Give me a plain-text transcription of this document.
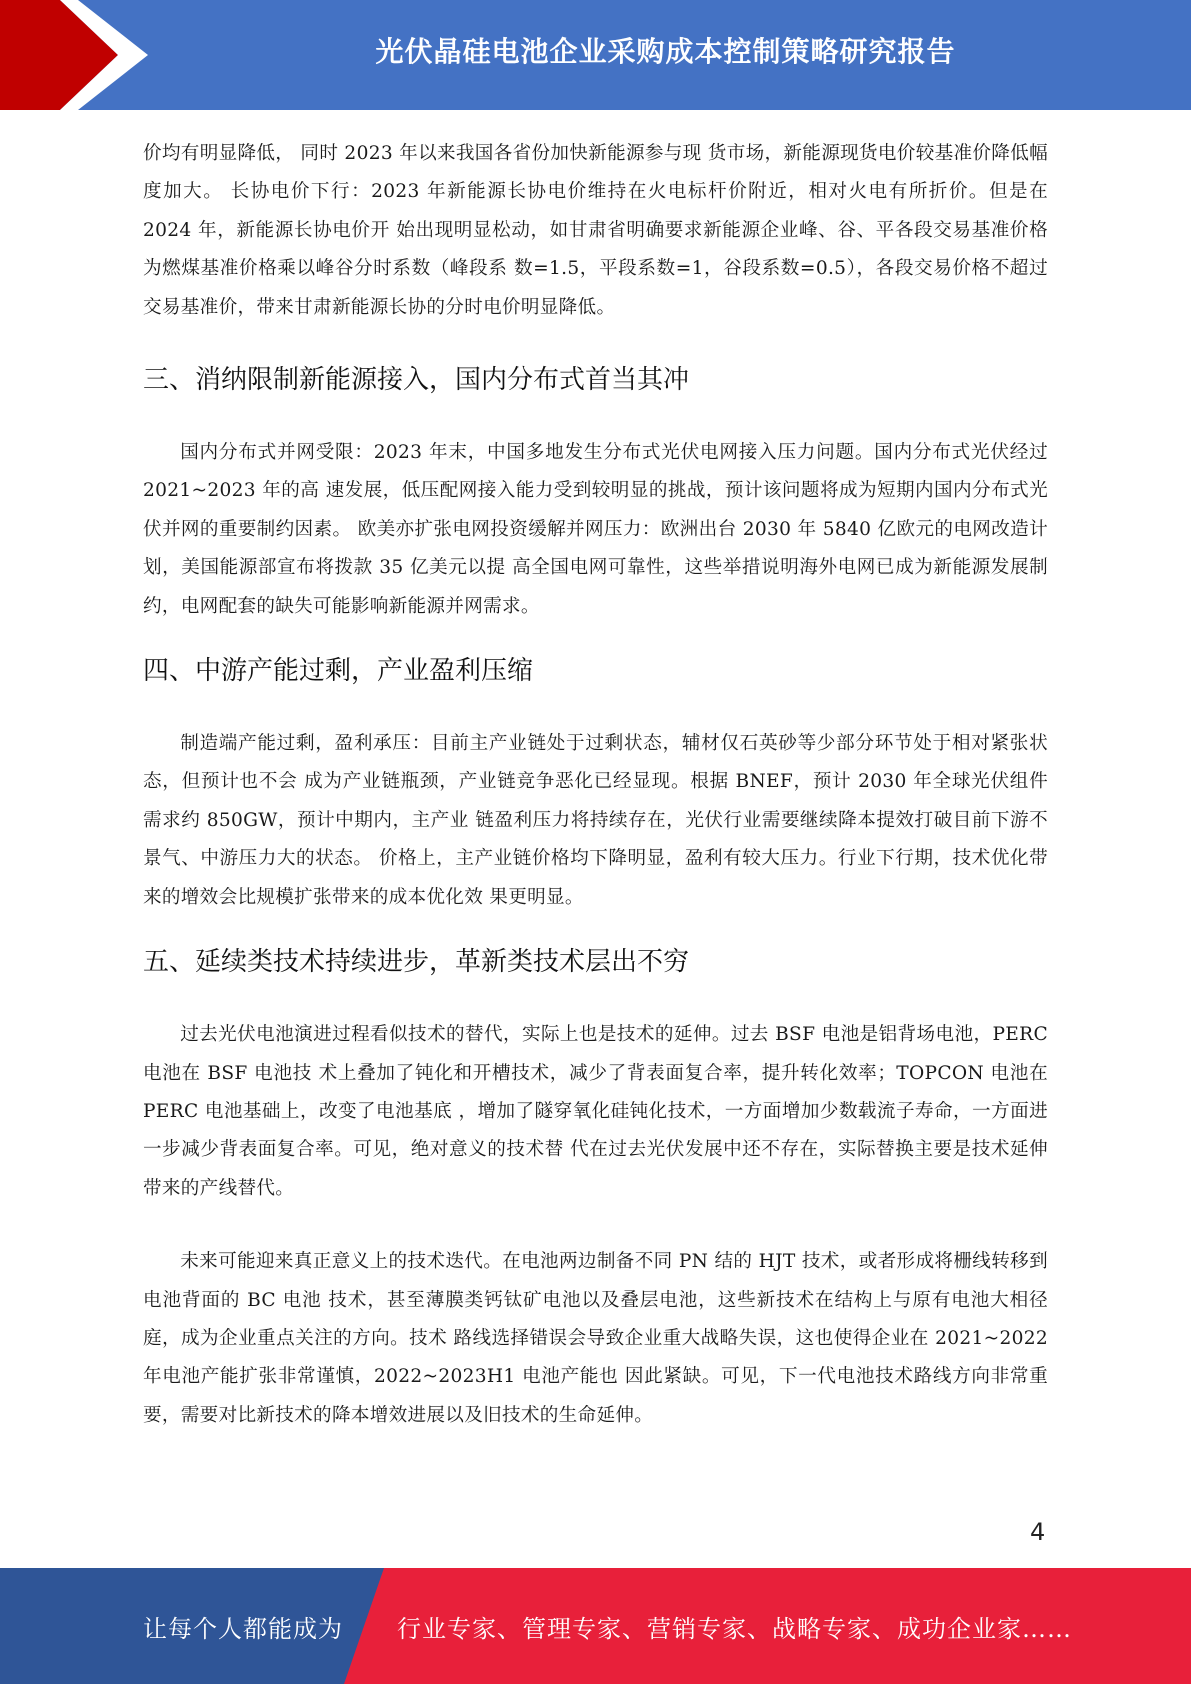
光伏晶硅电池企业采购成本控制策略研究报告

价均有明显降低， 同时 2023 年以来我国各省份加快新能源参与现 货市场，新能源现货电价较基准价降低幅度加大。 长协电价下行：2023 年新能源长协电价维持在火电标杆价附近，相对火电有所折价。但是在 2024 年，新能源长协电价开 始出现明显松动，如甘肃省明确要求新能源企业峰、谷、平各段交易基准价格为燃煤基准价格乘以峰谷分时系数（峰段系 数=1.5，平段系数=1，谷段系数=0.5），各段交易价格不超过交易基准价，带来甘肃新能源长协的分时电价明显降低。

三、消纳限制新能源接入，国内分布式首当其冲

国内分布式并网受限：2023 年末，中国多地发生分布式光伏电网接入压力问题。国内分布式光伏经过 2021~2023 年的高 速发展，低压配网接入能力受到较明显的挑战，预计该问题将成为短期内国内分布式光伏并网的重要制约因素。 欧美亦扩张电网投资缓解并网压力：欧洲出台 2030 年 5840 亿欧元的电网改造计划，美国能源部宣布将拨款 35 亿美元以提 高全国电网可靠性，这些举措说明海外电网已成为新能源发展制约，电网配套的缺失可能影响新能源并网需求。

四、中游产能过剩，产业盈利压缩

制造端产能过剩，盈利承压：目前主产业链处于过剩状态，辅材仅石英砂等少部分环节处于相对紧张状态，但预计也不会 成为产业链瓶颈，产业链竞争恶化已经显现。根据 BNEF，预计 2030 年全球光伏组件需求约 850GW，预计中期内，主产业 链盈利压力将持续存在，光伏行业需要继续降本提效打破目前下游不景气、中游压力大的状态。 价格上，主产业链价格均下降明显，盈利有较大压力。行业下行期，技术优化带来的增效会比规模扩张带来的成本优化效 果更明显。

五、延续类技术持续进步，革新类技术层出不穷

过去光伏电池演进过程看似技术的替代，实际上也是技术的延伸。过去 BSF 电池是铝背场电池，PERC 电池在 BSF 电池技 术上叠加了钝化和开槽技术，减少了背表面复合率，提升转化效率；TOPCON 电池在 PERC 电池基础上，改变了电池基底 ，增加了隧穿氧化硅钝化技术，一方面增加少数载流子寿命，一方面进一步减少背表面复合率。可见，绝对意义的技术替 代在过去光伏发展中还不存在，实际替换主要是技术延伸带来的产线替代。

未来可能迎来真正意义上的技术迭代。在电池两边制备不同 PN 结的 HJT 技术，或者形成将栅线转移到电池背面的 BC 电池 技术，甚至薄膜类钙钛矿电池以及叠层电池，这些新技术在结构上与原有电池大相径庭，成为企业重点关注的方向。技术 路线选择错误会导致企业重大战略失误，这也使得企业在 2021~2022 年电池产能扩张非常谨慎，2022~2023H1 电池产能也 因此紧缺。可见，下一代电池技术路线方向非常重要，需要对比新技术的降本增效进展以及旧技术的生命延伸。

4
让每个人都能成为 行业专家、管理专家、营销专家、战略专家、成功企业家……
